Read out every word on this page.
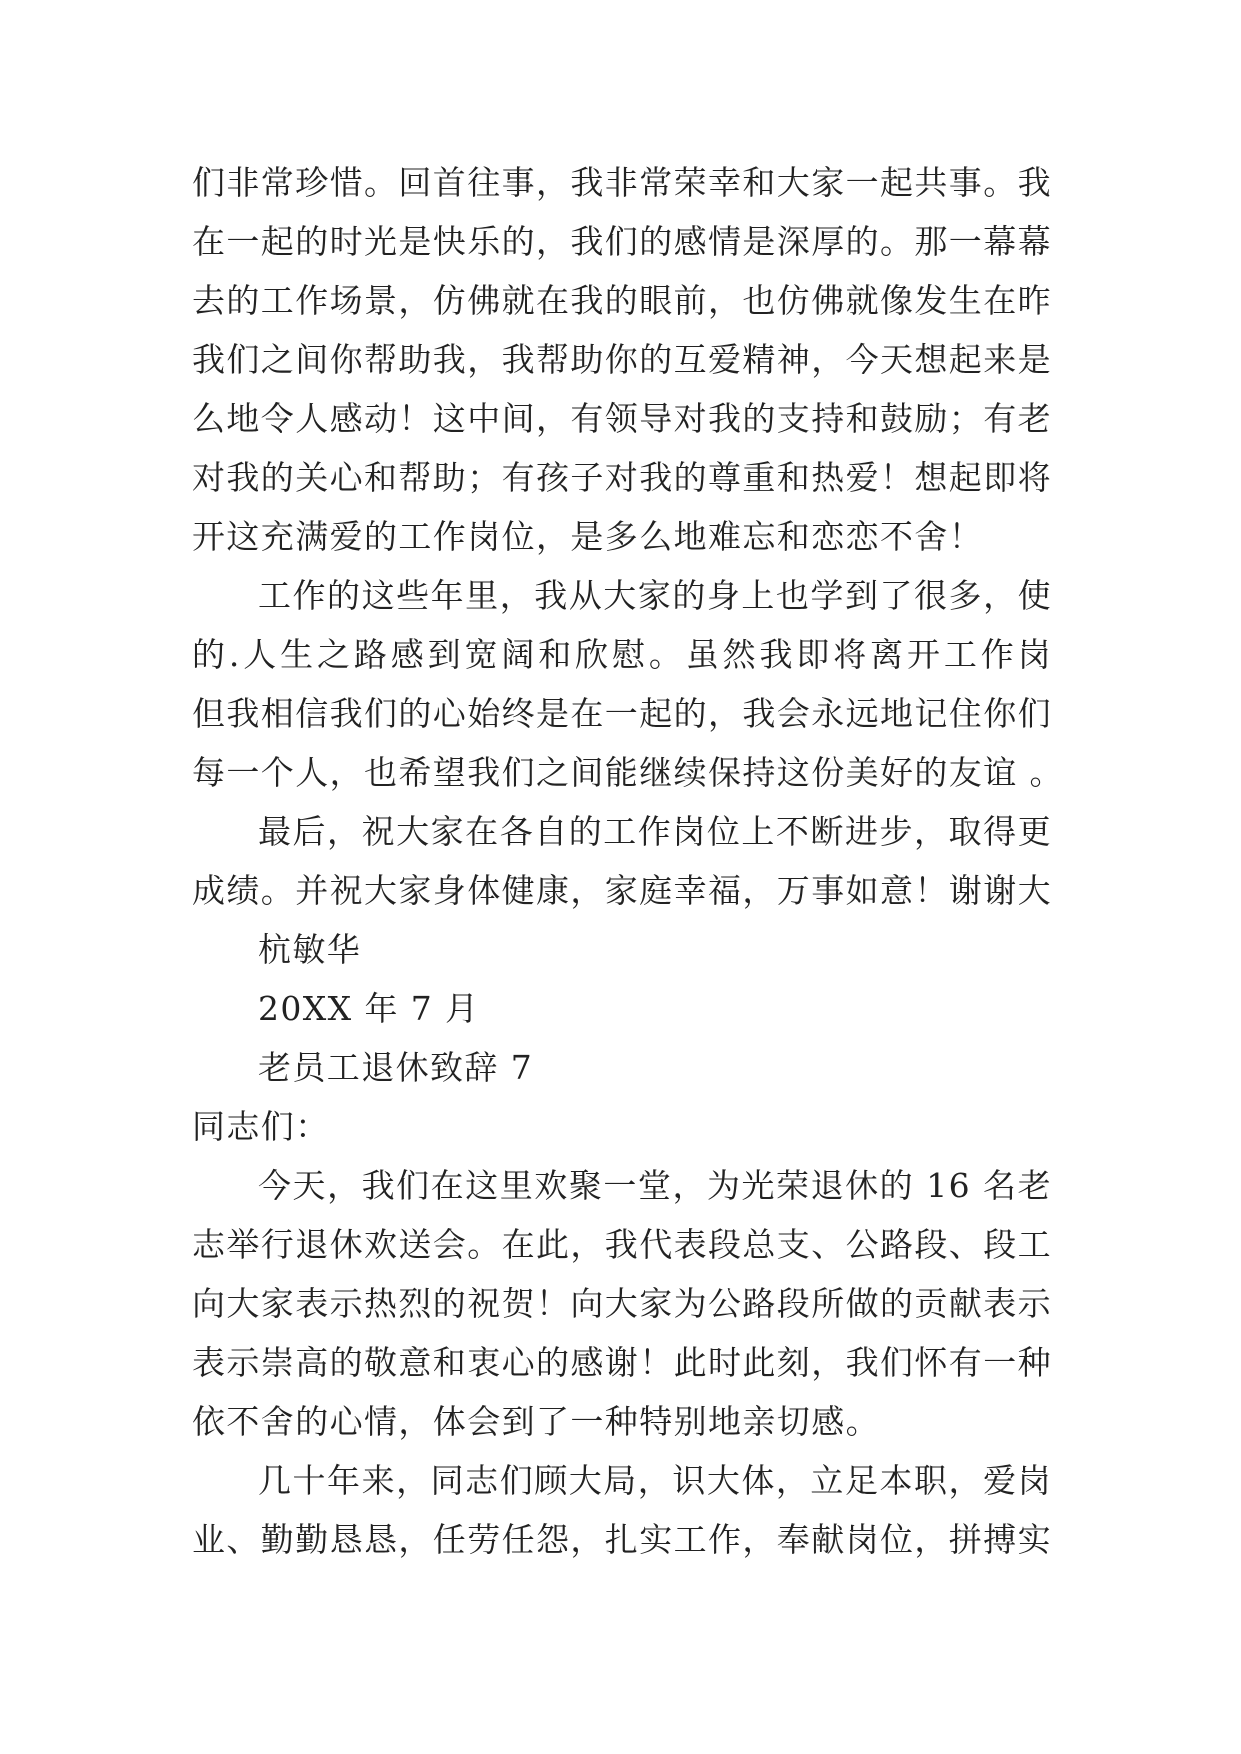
们非常珍惜。回首往事，我非常荣幸和大家一起共事。我
在一起的时光是快乐的，我们的感情是深厚的。那一幕幕
去的工作场景，仿佛就在我的眼前，也仿佛就像发生在昨
我们之间你帮助我，我帮助你的互爱精神，今天想起来是
么地令人感动！这中间，有领导对我的支持和鼓励；有老
对我的关心和帮助；有孩子对我的尊重和热爱！想起即将
开这充满爱的工作岗位，是多么地难忘和恋恋不舍！
工作的这些年里，我从大家的身上也学到了很多，使
的.人生之路感到宽阔和欣慰。虽然我即将离开工作岗
但我相信我们的心始终是在一起的，我会永远地记住你们
每一个人，也希望我们之间能继续保持这份美好的友谊 。
最后，祝大家在各自的工作岗位上不断进步，取得更
成绩。并祝大家身体健康，家庭幸福，万事如意！谢谢大
杭敏华
20XX 年 7 月
老员工退休致辞 7
同志们：
今天，我们在这里欢聚一堂，为光荣退休的 16 名老
志举行退休欢送会。在此，我代表段总支、公路段、段工
向大家表示热烈的祝贺！向大家为公路段所做的贡献表示
表示崇高的敬意和衷心的感谢！此时此刻，我们怀有一种
依不舍的心情，体会到了一种特别地亲切感。
几十年来，同志们顾大局，识大体，立足本职，爱岗
业、勤勤恳恳，任劳任怨，扎实工作，奉献岗位，拼搏实
